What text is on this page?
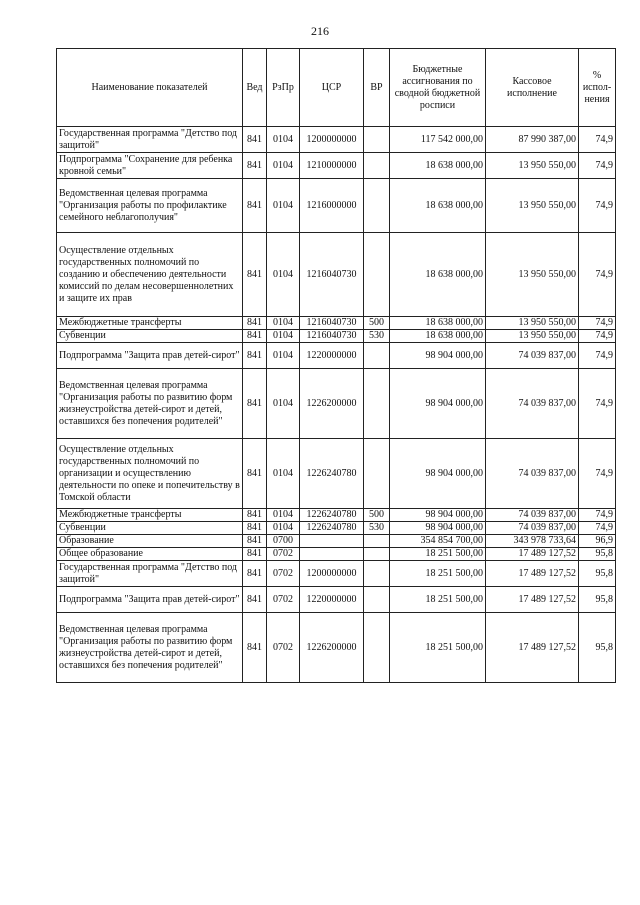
216
Наименование показателей	Вед	РзПр	ЦСР	ВР	Бюджетные ассигнования по сводной бюджетной росписи	Кассовое исполнение	% испол-нения
Государственная программа "Детство под защитой"	841	0104	1200000000		117 542 000,00	87 990 387,00	74,9
Подпрограмма "Сохранение для ребенка кровной семьи"	841	0104	1210000000		18 638 000,00	13 950 550,00	74,9
Ведомственная целевая программа "Организация работы по профилактике семейного неблагополучия"	841	0104	1216000000		18 638 000,00	13 950 550,00	74,9
Осуществление отдельных государственных полномочий по созданию и обеспечению деятельности комиссий по делам несовершеннолетних и защите их прав	841	0104	1216040730		18 638 000,00	13 950 550,00	74,9
Межбюджетные трансферты	841	0104	1216040730	500	18 638 000,00	13 950 550,00	74,9
Субвенции	841	0104	1216040730	530	18 638 000,00	13 950 550,00	74,9
Подпрограмма "Защита прав детей-сирот"	841	0104	1220000000		98 904 000,00	74 039 837,00	74,9
Ведомственная целевая программа "Организация работы по развитию форм жизнеустройства детей-сирот и детей, оставшихся без попечения родителей"	841	0104	1226200000		98 904 000,00	74 039 837,00	74,9
Осуществление отдельных государственных полномочий по организации и осуществлению деятельности по опеке и попечительству в Томской области	841	0104	1226240780		98 904 000,00	74 039 837,00	74,9
Межбюджетные трансферты	841	0104	1226240780	500	98 904 000,00	74 039 837,00	74,9
Субвенции	841	0104	1226240780	530	98 904 000,00	74 039 837,00	74,9
Образование	841	0700			354 854 700,00	343 978 733,64	96,9
Общее образование	841	0702			18 251 500,00	17 489 127,52	95,8
Государственная программа "Детство под защитой"	841	0702	1200000000		18 251 500,00	17 489 127,52	95,8
Подпрограмма "Защита прав детей-сирот"	841	0702	1220000000		18 251 500,00	17 489 127,52	95,8
Ведомственная целевая программа "Организация работы по развитию форм жизнеустройства детей-сирот и детей, оставшихся без попечения родителей"	841	0702	1226200000		18 251 500,00	17 489 127,52	95,8
